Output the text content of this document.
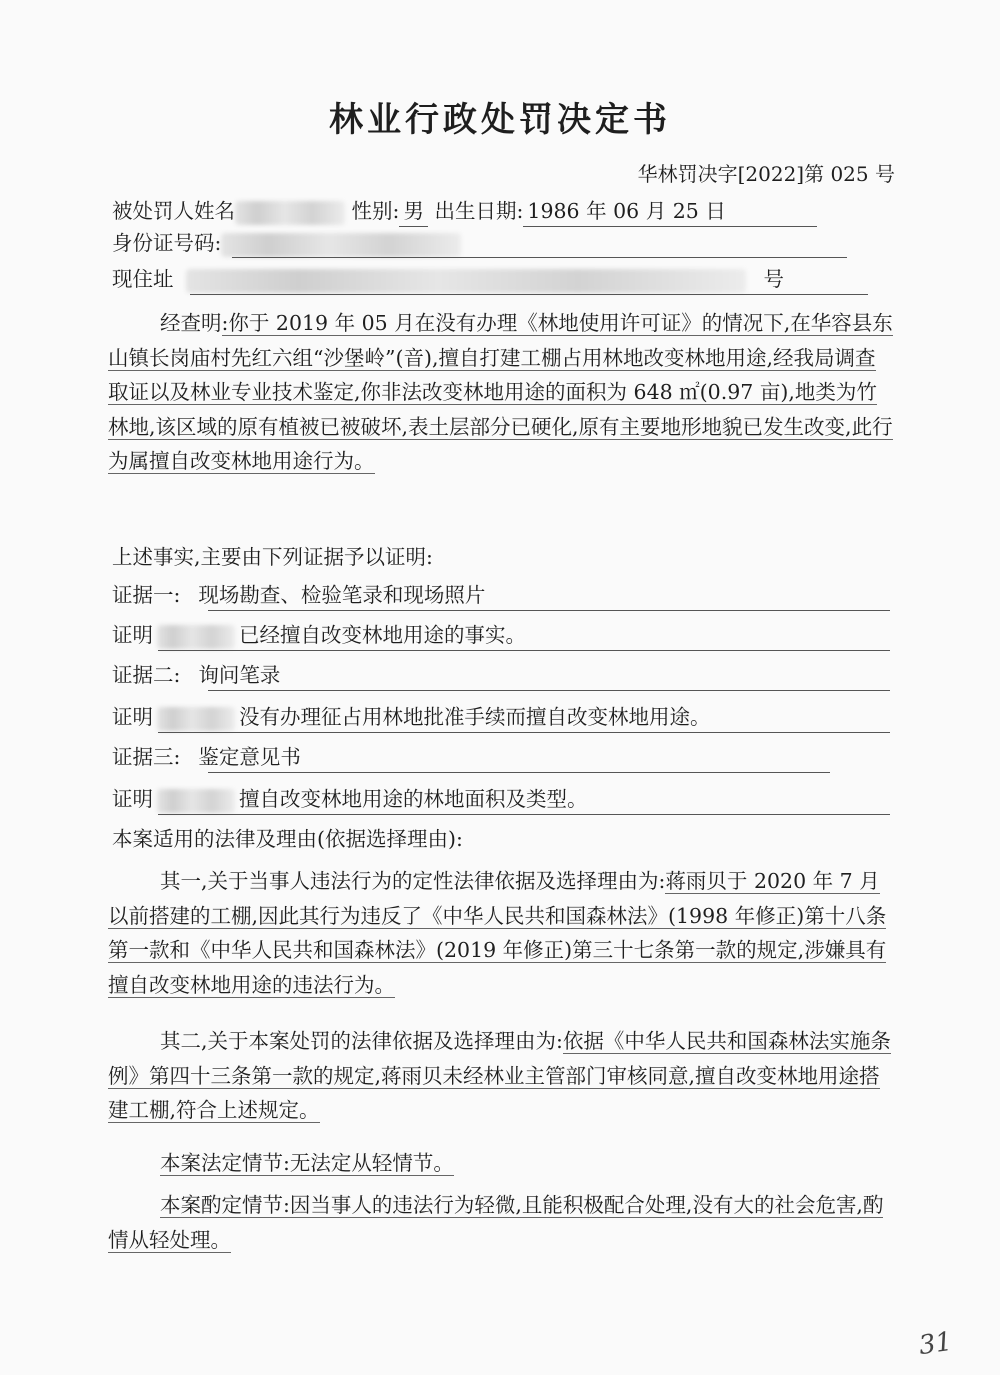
林业行政处罚决定书
华林罚决字[2022]第 025 号
被处罚人姓名	性别: 男 出生日期: 1986 年 06 月 25 日
身份证号码:
现住址	号
经查明:你于 2019 年 05 月在没有办理《林地使用许可证》的情况下,在华容县东山镇长岗庙村先红六组“沙堡岭”(音),擅自打建工棚占用林地改变林地用途,经我局调查取证以及林业专业技术鉴定,你非法改变林地用途的面积为 648 ㎡(0.97 亩),地类为竹林地,该区域的原有植被已被破坏,表土层部分已硬化,原有主要地形地貌已发生改变,此行为属擅自改变林地用途行为。
上述事实,主要由下列证据予以证明:
证据一: 现场勘查、检验笔录和现场照片
证明	已经擅自改变林地用途的事实。
证据二: 询问笔录
证明	没有办理征占用林地批准手续而擅自改变林地用途。
证据三: 鉴定意见书
证明	擅自改变林地用途的林地面积及类型。
本案适用的法律及理由(依据选择理由):
其一,关于当事人违法行为的定性法律依据及选择理由为:蒋雨贝于 2020 年 7 月以前搭建的工棚,因此其行为违反了《中华人民共和国森林法》(1998 年修正)第十八条第一款和《中华人民共和国森林法》(2019 年修正)第三十七条第一款的规定,涉嫌具有擅自改变林地用途的违法行为。
其二,关于本案处罚的法律依据及选择理由为:依据《中华人民共和国森林法实施条例》第四十三条第一款的规定,蒋雨贝未经林业主管部门审核同意,擅自改变林地用途搭建工棚,符合上述规定。
本案法定情节:无法定从轻情节。
本案酌定情节:因当事人的违法行为轻微,且能积极配合处理,没有大的社会危害,酌情从轻处理。
31
